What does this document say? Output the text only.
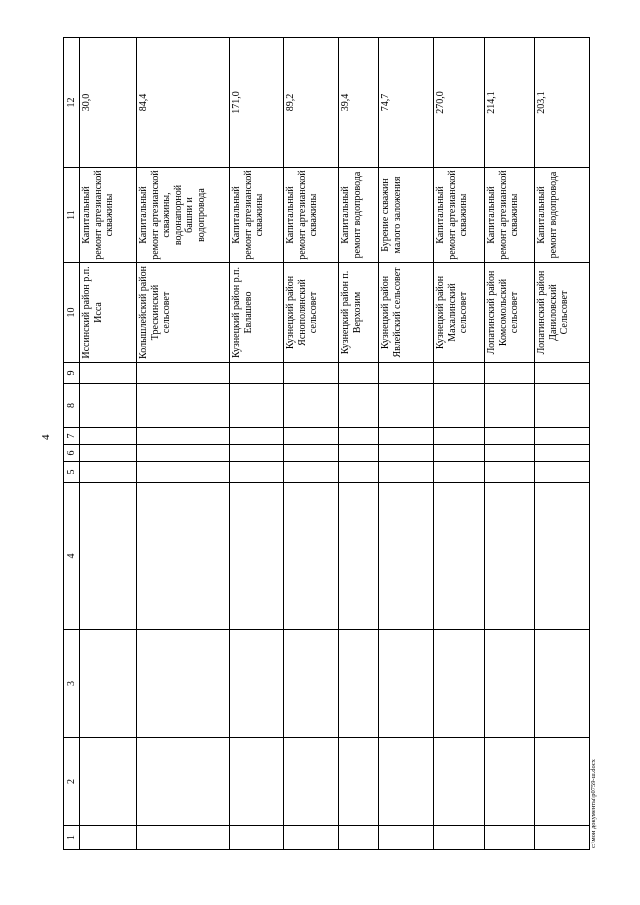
4
1	2	3	4	5	6	7	8	9	10	11	12
									Иссинский район р.п. Исса	Капитальный ремонт артезианской скважины	30,0
									Колышлейский район Трескинский сельсовет	Капитальный ремонт артезианской скважины, водонапорной башни и водопровода	84,4
									Кузнецкий район р.п. Евлашево	Капитальный ремонт артезианской скважины	171,0
									Кузнецкий район Яснополянский сельсовет	Капитальный ремонт артезианской скважины	89,2
									Кузнецкий район п. Верхозим	Капитальный ремонт водопровода	39,4
									Кузнецкий район Явлейский сельсовет	Бурение скважин малого заложения	74,7
									Кузнецкий район Махалинский сельсовет	Капитальный ремонт артезианской скважины	270,0
									Лопатинский район Комсомольский сельсовет	Капитальный ремонт артезианской скважины	214,1
									Лопатинский район Даниловский Сельсовет	Капитальный ремонт водопровода	203,1
c:\мои документы\р0759-ш.docx
